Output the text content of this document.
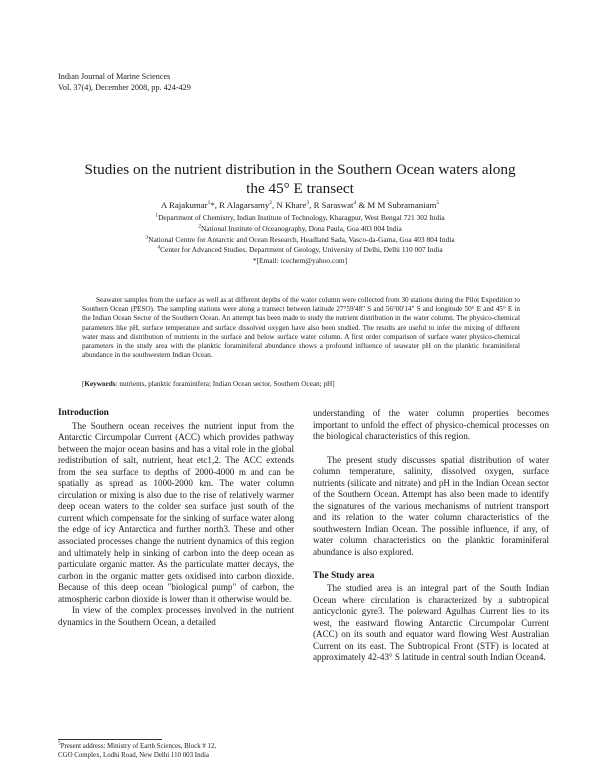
Indian Journal of Marine Sciences
Vol. 37(4), December 2008, pp. 424-429
Studies on the nutrient distribution in the Southern Ocean waters along
the 45° E transect
A Rajakumar$^1$*, R Alagarsamy$^2$, N Khare$^3$, R Saraswat$^4$ & M M Subramaniam$^5$
$^1$Department of Chemistry, Indian Institute of Technology, Kharagpur, West Bengal 721 302 India
$^2$National Institute of Oceanography, Dona Paula, Goa 403 004 India
$^3$National Centre for Antarctic and Ocean Research, Headland Sada, Vasco-da-Gama, Goa 403 804 India
$^4$Center for Advanced Studies, Department of Geology, University of Delhi, Delhi 110 007 India
*[Email: icechem@yahoo.com]
Seawater samples from the surface as well as at different depths of the water column were collected from 30 stations during the Pilot Expedition to Southern Ocean (PESO). The sampling stations were along a transect between latitude 27°59'48" S and 56°00'14" S and longitude 50° E and 45° E in the Indian Ocean Sector of the Southern Ocean. An attempt has been made to study the nutrient distribution in the water column. The physico-chemical parameters like pH, surface temperature and surface dissolved oxygen have also been studied. The results are useful to infer the mixing of different water mass and distribution of nutrients in the surface and below surface water column. A first order comparison of surface water physico-chemical parameters in the study area with the planktic foraminiferal abundance shows a profound influence of seawater pH on the planktic foraminiferal abundance in the southwestern Indian Ocean.
[Keywords: nutrients, planktic foraminifera; Indian Ocean sector, Southern Ocean; pH]
Introduction

The Southern ocean receives the nutrient input from the Antarctic Circumpolar Current (ACC) which provides pathway between the major ocean basins and has a vital role in the global redistribution of salt, nutrient, heat etc1,2. The ACC extends from the sea surface to depths of 2000-4000 m and can be spatially as spread as 1000-2000 km. The water column circulation or mixing is also due to the rise of relatively warmer deep ocean waters to the colder sea surface just south of the current which compensate for the sinking of surface water along the edge of icy Antarctica and further north3. These and other associated processes change the nutrient dynamics of this region and ultimately help in sinking of carbon into the deep ocean as particulate organic matter. As the particulate matter decays, the carbon in the organic matter gets oxidised into carbon dioxide. Because of this deep ocean "biological pump" of carbon, the atmospheric carbon dioxide is lower than it otherwise would be.

In view of the complex processes involved in the nutrient dynamics in the Southern Ocean, a detailed

understanding of the water column properties becomes important to unfold the effect of physico-chemical processes on the biological characteristics of this region.

The present study discusses spatial distribution of water column temperature, salinity, dissolved oxygen, surface nutrients (silicate and nitrate) and pH in the Indian Ocean sector of the Southern Ocean. Attempt has also been made to identify the signatures of the various mechanisms of nutrient transport and its relation to the water column characteristics of the southwestern Indian Ocean. The possible influence, if any, of water column characteristics on the planktic foraminiferal abundance is also explored.

The Study area

The studied area is an integral part of the South Indian Ocean where circulation is characterized by a subtropical anticyclonic gyre3. The poleward Agulhas Current lies to its west, the eastward flowing Antarctic Circumpolar Current (ACC) on its south and equator ward flowing West Australian Current on its east. The Subtropical Front (STF) is located at approximately 42-43° S latitude in central south Indian Ocean4.

$^5$Present address: Ministry of Earth Sciences, Block # 12,
CGO Complex, Lodhi Road, New Delhi 110 003 India
